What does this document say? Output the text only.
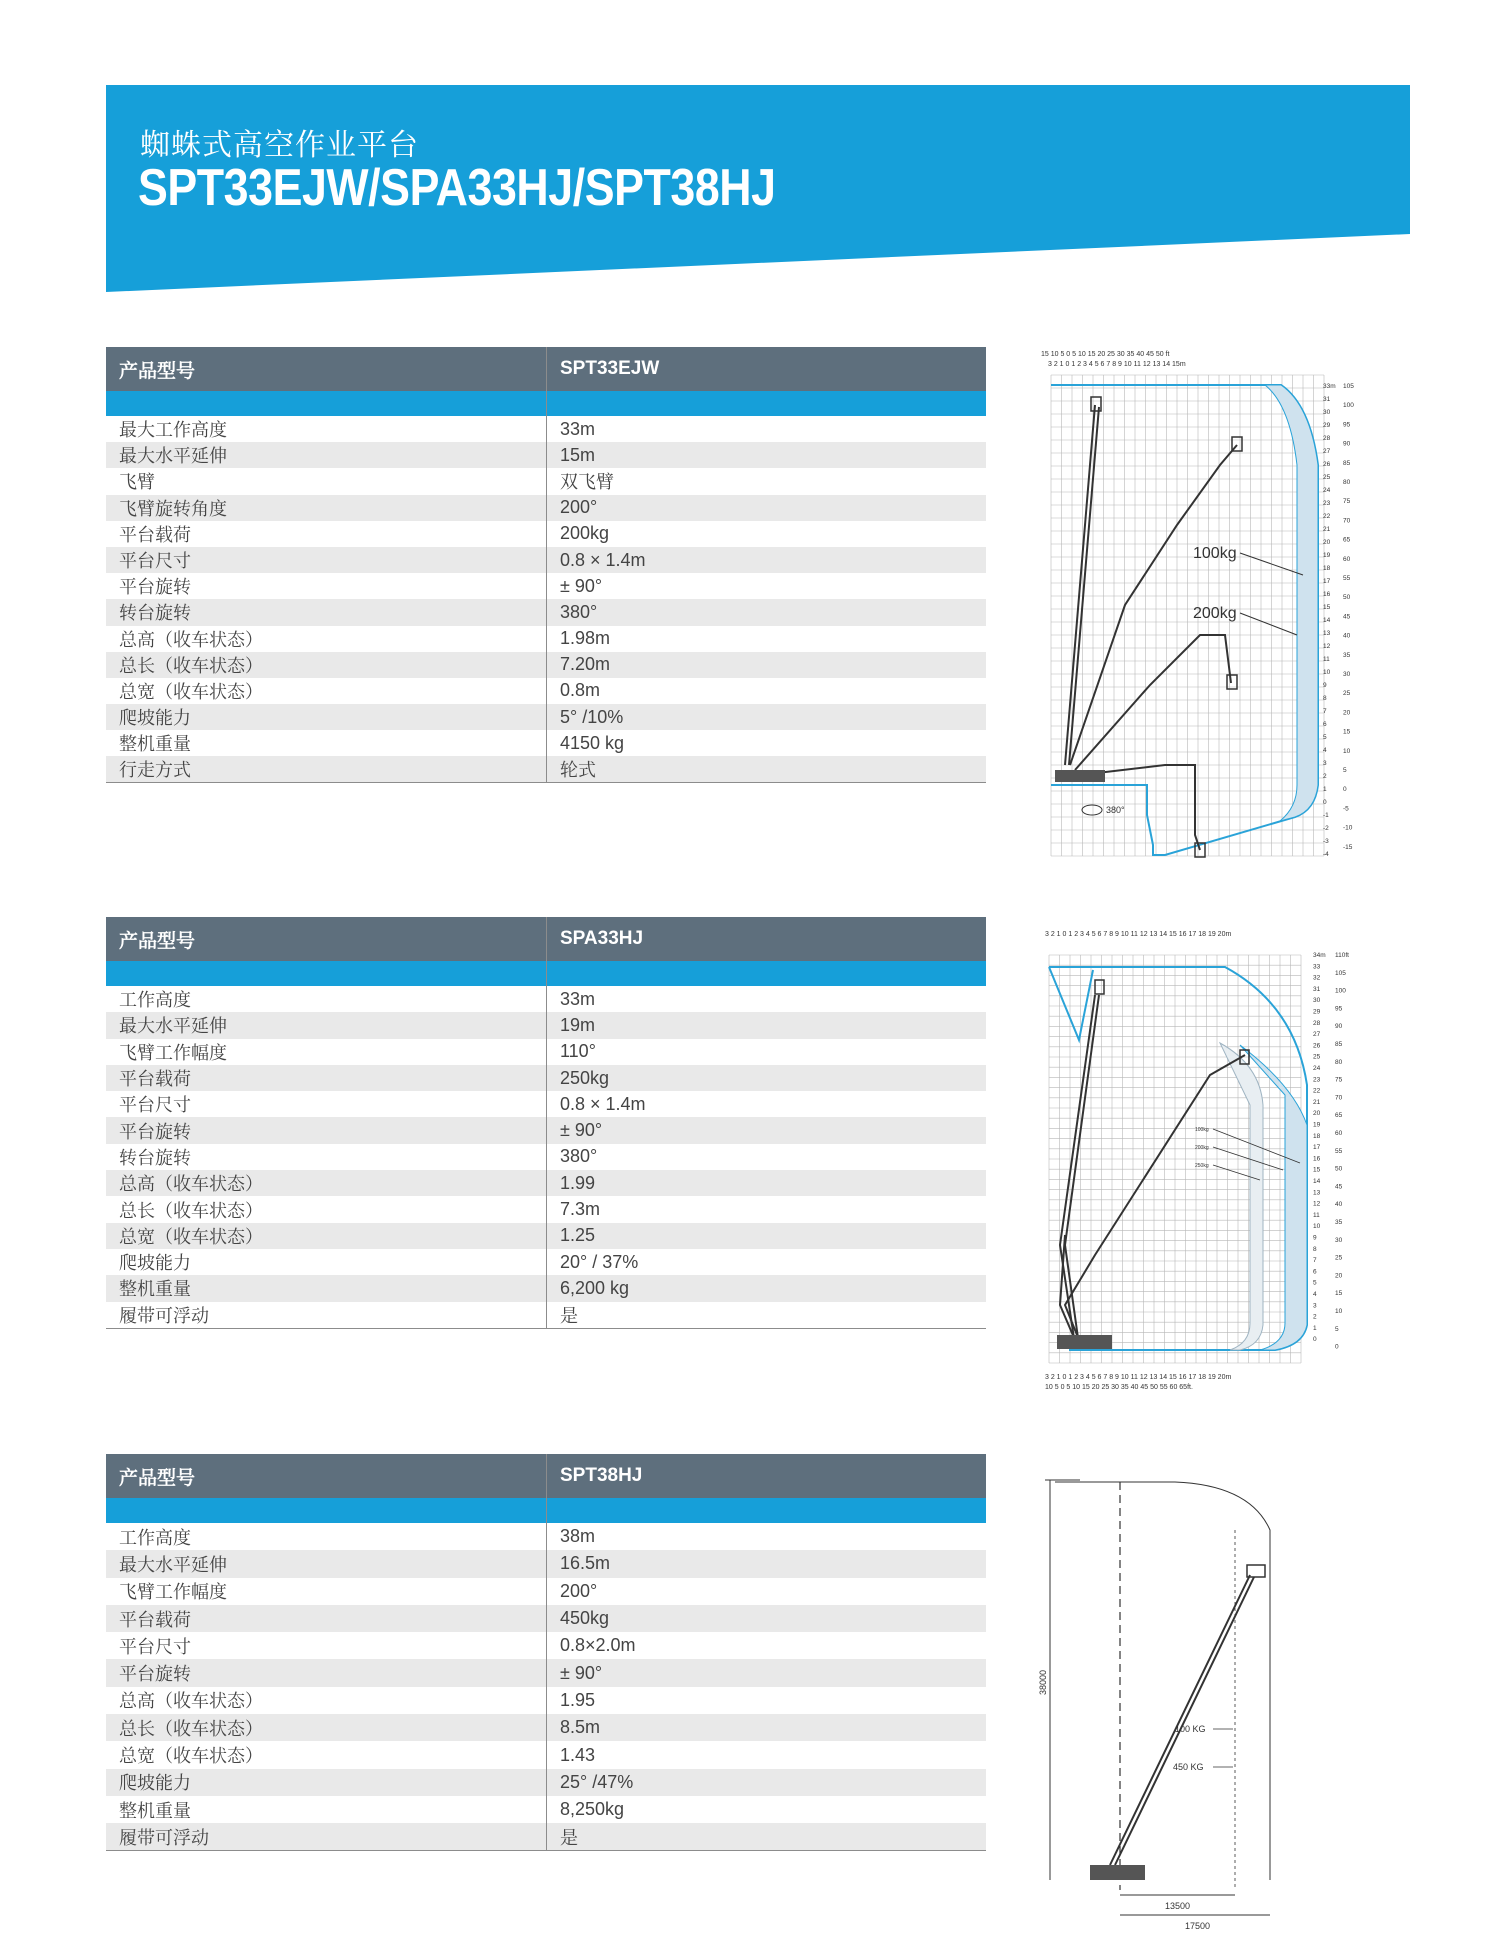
蜘蛛式高空作业平台
SPT33EJW/SPA33HJ/SPT38HJ
产品型号	SPT33EJW

最大工作高度	33m
最大水平延伸	15m
飞臂	双飞臂
飞臂旋转角度	200°
平台载荷	200kg
平台尺寸	0.8 × 1.4m
平台旋转	± 90°
转台旋转	380°
总高（收车状态）	1.98m
总长（收车状态）	7.20m
总宽（收车状态）	0.8m
爬坡能力	5° /10%
整机重量	4150 kg
行走方式	轮式
产品型号	SPA33HJ

工作高度	33m
最大水平延伸	19m
飞臂工作幅度	110°
平台载荷	250kg
平台尺寸	0.8 × 1.4m
平台旋转	± 90°
转台旋转	380°
总高（收车状态）	1.99
总长（收车状态）	7.3m
总宽（收车状态）	1.25
爬坡能力	20° / 37%
整机重量	6,200 kg
履带可浮动	是
产品型号	SPT38HJ

工作高度	38m
最大水平延伸	16.5m
飞臂工作幅度	200°
平台载荷	450kg
平台尺寸	0.8×2.0m
平台旋转	± 90°
总高（收车状态）	1.95
总长（收车状态）	8.5m
总宽（收车状态）	1.43
爬坡能力	25° /47%
整机重量	8,250kg
履带可浮动	是
15 10 5 0 5 10 15 20 25 30 35 40 45 50 ft
3 2 1 0 1 2 3 4 5 6 7 8 9 10 11 12 13 14 15m
33m
31
30
29
28
27
26
25
24
23
22
21
20
19
18
17
16
15
14
13
12
11
10
9
8
7
6
5
4
3
2
1
0
-1
-2
-3
-4
105
100
95
90
85
80
75
70
65
60
55
50
45
40
35
30
25
20
15
10
5
0
-5
-10
-15
100kg
200kg
380°
3 2 1 0 1 2 3 4 5 6 7 8 9 10 11 12 13 14 15 16 17 18 19 20m
34m
33
32
31
30
29
28
27
26
25
24
23
22
21
20
19
18
17
16
15
14
13
12
11
10
9
8
7
6
5
4
3
2
1
0
110ft
105
100
95
90
85
80
75
70
65
60
55
50
45
40
35
30
25
20
15
10
5
0
100kg
200kg
250kg
3 2 1 0 1 2 3 4 5 6 7 8 9 10 11 12 13 14 15 16 17 18 19 20m
10 5 0 5 10 15 20 25 30 35 40 45 50 55 60 65ft.
38000
100 KG
450 KG
13500
17500
